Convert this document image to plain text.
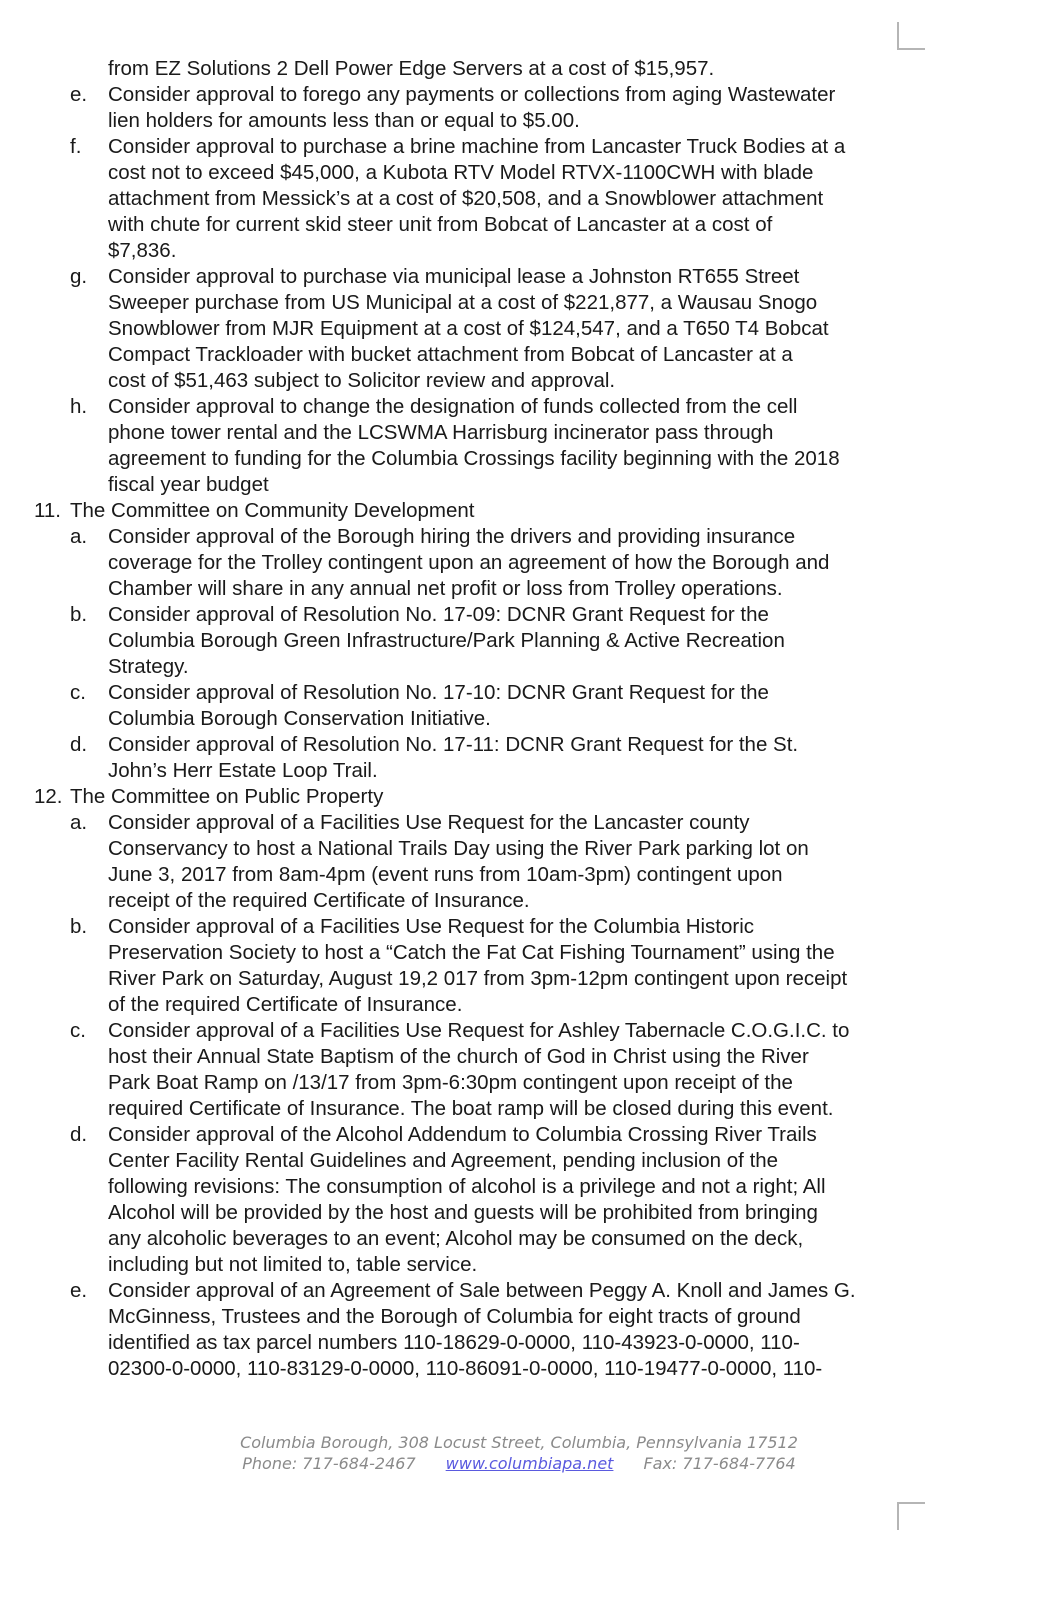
from EZ Solutions 2 Dell Power Edge Servers at a cost of $15,957.
e. Consider approval to forego any payments or collections from aging Wastewater
lien holders for amounts less than or equal to $5.00.
f. Consider approval to purchase a brine machine from Lancaster Truck Bodies at a
cost not to exceed $45,000, a Kubota RTV Model RTVX-1100CWH with blade
attachment from Messick’s at a cost of $20,508, and a Snowblower attachment
with chute for current skid steer unit from Bobcat of Lancaster at a cost of
$7,836.
g. Consider approval to purchase via municipal lease a Johnston RT655 Street
Sweeper purchase from US Municipal at a cost of $221,877, a Wausau Snogo
Snowblower from MJR Equipment at a cost of $124,547, and a T650 T4 Bobcat
Compact Trackloader with bucket attachment from Bobcat of Lancaster at a
cost of $51,463 subject to Solicitor review and approval.
h. Consider approval to change the designation of funds collected from the cell
phone tower rental and the LCSWMA Harrisburg incinerator pass through
agreement to funding for the Columbia Crossings facility beginning with the 2018
fiscal year budget
11. The Committee on Community Development
a. Consider approval of the Borough hiring the drivers and providing insurance
coverage for the Trolley contingent upon an agreement of how the Borough and
Chamber will share in any annual net profit or loss from Trolley operations.
b. Consider approval of Resolution No. 17-09: DCNR Grant Request for the
Columbia Borough Green Infrastructure/Park Planning & Active Recreation
Strategy.
c. Consider approval of Resolution No. 17-10: DCNR Grant Request for the
Columbia Borough Conservation Initiative.
d. Consider approval of Resolution No. 17-11: DCNR Grant Request for the St.
John’s Herr Estate Loop Trail.
12. The Committee on Public Property
a. Consider approval of a Facilities Use Request for the Lancaster county
Conservancy to host a National Trails Day using the River Park parking lot on
June 3, 2017 from 8am-4pm (event runs from 10am-3pm) contingent upon
receipt of the required Certificate of Insurance.
b. Consider approval of a Facilities Use Request for the Columbia Historic
Preservation Society to host a “Catch the Fat Cat Fishing Tournament” using the
River Park on Saturday, August 19,2 017 from 3pm-12pm contingent upon receipt
of the required Certificate of Insurance.
c. Consider approval of a Facilities Use Request for Ashley Tabernacle C.O.G.I.C. to
host their Annual State Baptism of the church of God in Christ using the River
Park Boat Ramp on /13/17 from 3pm-6:30pm contingent upon receipt of the
required Certificate of Insurance. The boat ramp will be closed during this event.
d. Consider approval of the Alcohol Addendum to Columbia Crossing River Trails
Center Facility Rental Guidelines and Agreement, pending inclusion of the
following revisions: The consumption of alcohol is a privilege and not a right; All
Alcohol will be provided by the host and guests will be prohibited from bringing
any alcoholic beverages to an event; Alcohol may be consumed on the deck,
including but not limited to, table service.
e. Consider approval of an Agreement of Sale between Peggy A. Knoll and James G.
McGinness, Trustees and the Borough of Columbia for eight tracts of ground
identified as tax parcel numbers 110-18629-0-0000, 110-43923-0-0000, 110-
02300-0-0000, 110-83129-0-0000, 110-86091-0-0000, 110-19477-0-0000, 110-
Columbia Borough, 308 Locust Street, Columbia, Pennsylvania 17512
Phone: 717-684-2467 www.columbiapa.net Fax: 717-684-7764
